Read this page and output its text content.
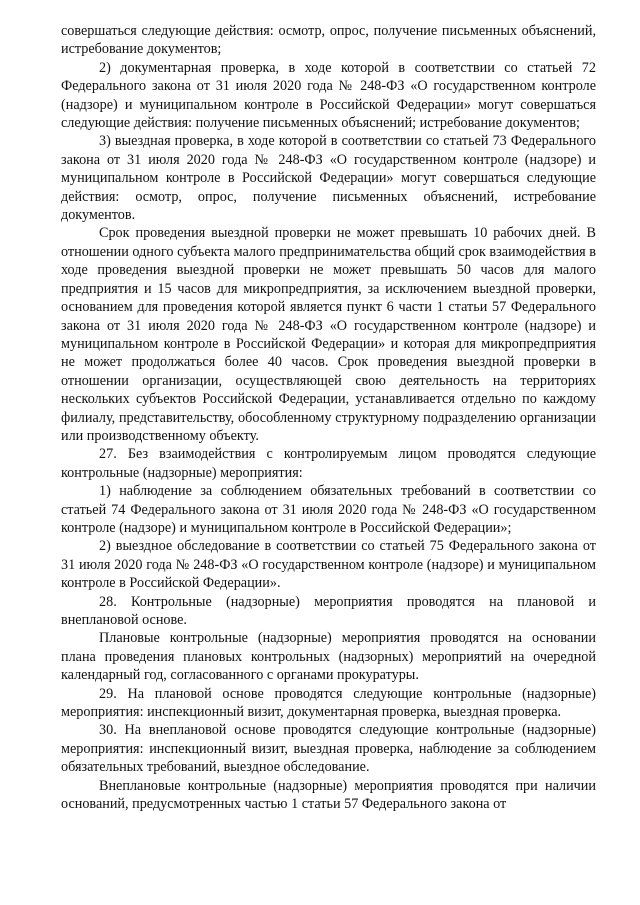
совершаться следующие действия: осмотр, опрос, получение письменных объяснений, истребование документов;

2) документарная проверка, в ходе которой в соответствии со статьей 72 Федерального закона от 31 июля 2020 года № 248-ФЗ «О государственном контроле (надзоре) и муниципальном контроле в Российской Федерации» могут совершаться следующие действия: получение письменных объяснений; истребование документов;

3) выездная проверка, в ходе которой в соответствии со статьей 73 Федерального закона от 31 июля 2020 года № 248-ФЗ «О государственном контроле (надзоре) и муниципальном контроле в Российской Федерации» могут совершаться следующие действия: осмотр, опрос, получение письменных объяснений, истребование документов.

Срок проведения выездной проверки не может превышать 10 рабочих дней. В отношении одного субъекта малого предпринимательства общий срок взаимодействия в ходе проведения выездной проверки не может превышать 50 часов для малого предприятия и 15 часов для микропредприятия, за исключением выездной проверки, основанием для проведения которой является пункт 6 части 1 статьи 57 Федерального закона от 31 июля 2020 года № 248-ФЗ «О государственном контроле (надзоре) и муниципальном контроле в Российской Федерации» и которая для микропредприятия не может продолжаться более 40 часов. Срок проведения выездной проверки в отношении организации, осуществляющей свою деятельность на территориях нескольких субъектов Российской Федерации, устанавливается отдельно по каждому филиалу, представительству, обособленному структурному подразделению организации или производственному объекту.

27. Без взаимодействия с контролируемым лицом проводятся следующие контрольные (надзорные) мероприятия:

1) наблюдение за соблюдением обязательных требований в соответствии со статьей 74 Федерального закона от 31 июля 2020 года № 248-ФЗ «О государственном контроле (надзоре) и муниципальном контроле в Российской Федерации»;

2) выездное обследование в соответствии со статьей 75 Федерального закона от 31 июля 2020 года № 248-ФЗ «О государственном контроле (надзоре) и муниципальном контроле в Российской Федерации».

28. Контрольные (надзорные) мероприятия проводятся на плановой и внеплановой основе.

Плановые контрольные (надзорные) мероприятия проводятся на основании плана проведения плановых контрольных (надзорных) мероприятий на очередной календарный год, согласованного с органами прокуратуры.

29. На плановой основе проводятся следующие контрольные (надзорные) мероприятия: инспекционный визит, документарная проверка, выездная проверка.

30. На внеплановой основе проводятся следующие контрольные (надзорные) мероприятия: инспекционный визит, выездная проверка, наблюдение за соблюдением обязательных требований, выездное обследование.

Внеплановые контрольные (надзорные) мероприятия проводятся при наличии оснований, предусмотренных частью 1 статьи 57 Федерального закона от
